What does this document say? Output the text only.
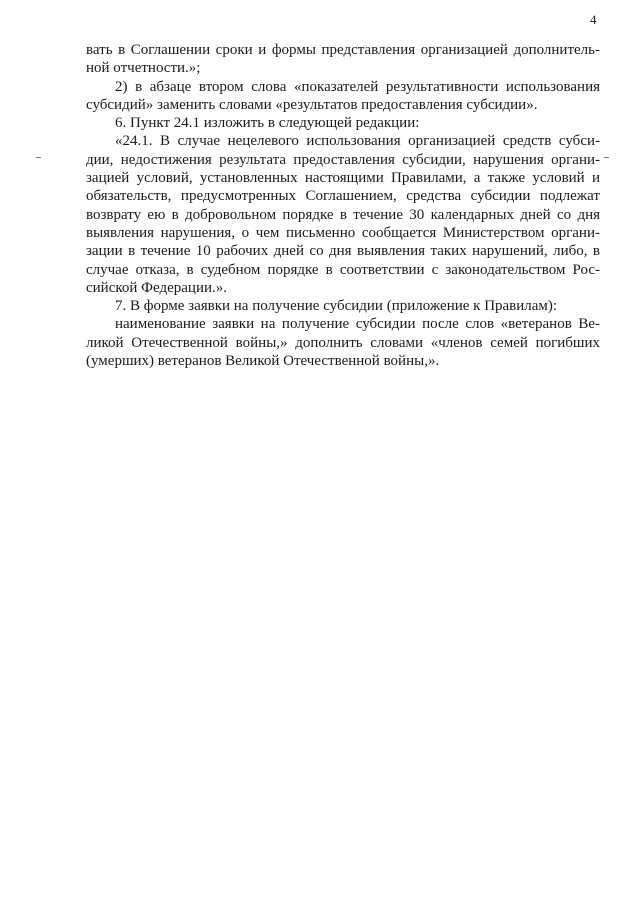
4
вать в Соглашении сроки и формы представления организацией дополнитель-
ной отчетности.»;
2) в абзаце втором слова «показателей результативности использования
субсидий» заменить словами «результатов предоставления субсидии».
6. Пункт 24.1 изложить в следующей редакции:
«24.1. В случае нецелевого использования организацией средств субси-
дии, недостижения результата предоставления субсидии, нарушения органи-
зацией условий, установленных настоящими Правилами, а также условий и
обязательств, предусмотренных Соглашением, средства субсидии подлежат
возврату ею в добровольном порядке в течение 30 календарных дней со дня
выявления нарушения, о чем письменно сообщается Министерством органи-
зации в течение 10 рабочих дней со дня выявления таких нарушений, либо, в
случае отказа, в судебном порядке в соответствии с законодательством Рос-
сийской Федерации.».
7. В форме заявки на получение субсидии (приложение к Правилам):
наименование заявки на получение субсидии после слов «ветеранов Ве-
ликой Отечественной войны,» дополнить словами «членов семей погибших
(умерших) ветеранов Великой Отечественной войны,».
